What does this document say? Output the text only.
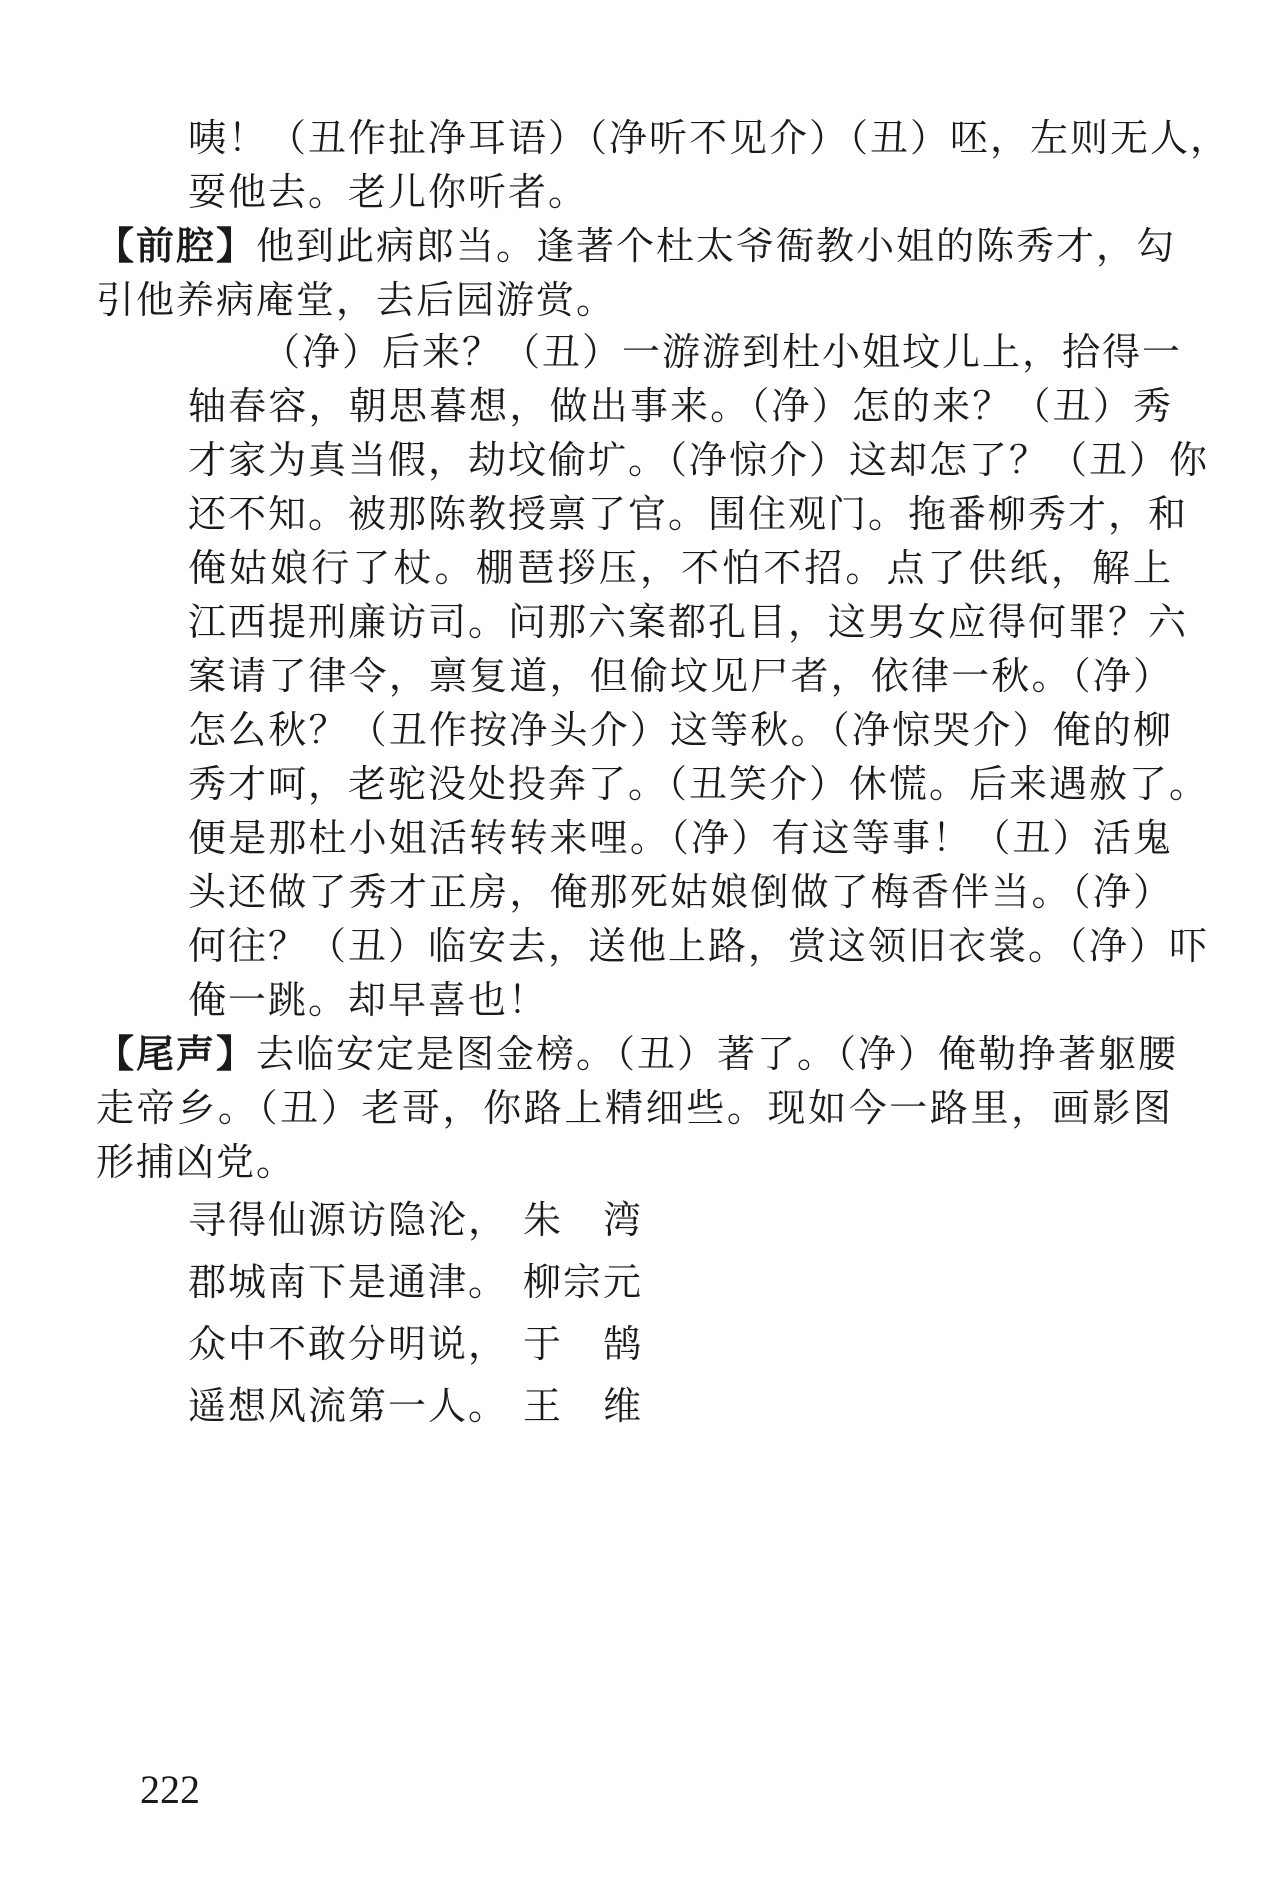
咦！（丑作扯净耳语）（净听不见介）（丑）呸，左则无人，
耍他去。老儿你听者。
【前腔】他到此病郎当。逢著个杜太爷衙教小姐的陈秀才，勾
引他养病庵堂，去后园游赏。
（净）后来？（丑）一游游到杜小姐坟儿上，拾得一
轴春容，朝思暮想，做出事来。（净）怎的来？（丑）秀
才家为真当假，劫坟偷圹。（净惊介）这却怎了？（丑）你
还不知。被那陈教授禀了官。围住观门。拖番柳秀才，和
俺姑娘行了杖。棚琶拶压，不怕不招。点了供纸，解上
江西提刑廉访司。问那六案都孔目，这男女应得何罪？六
案请了律令，禀复道，但偷坟见尸者，依律一秋。（净）
怎么秋？（丑作按净头介）这等秋。（净惊哭介）俺的柳
秀才呵，老驼没处投奔了。（丑笑介）休慌。后来遇赦了。
便是那杜小姐活转转来哩。（净）有这等事！（丑）活鬼
头还做了秀才正房，俺那死姑娘倒做了梅香伴当。（净）
何往？（丑）临安去，送他上路，赏这领旧衣裳。（净）吓
俺一跳。却早喜也！
【尾声】去临安定是图金榜。（丑）著了。（净）俺勒挣著躯腰
走帝乡。（丑）老哥，你路上精细些。现如今一路里，画影图
形捕凶党。
寻得仙源访隐沦， 朱　湾
郡城南下是通津。 柳宗元
众中不敢分明说， 于　鹄
遥想风流第一人。 王　维
222
